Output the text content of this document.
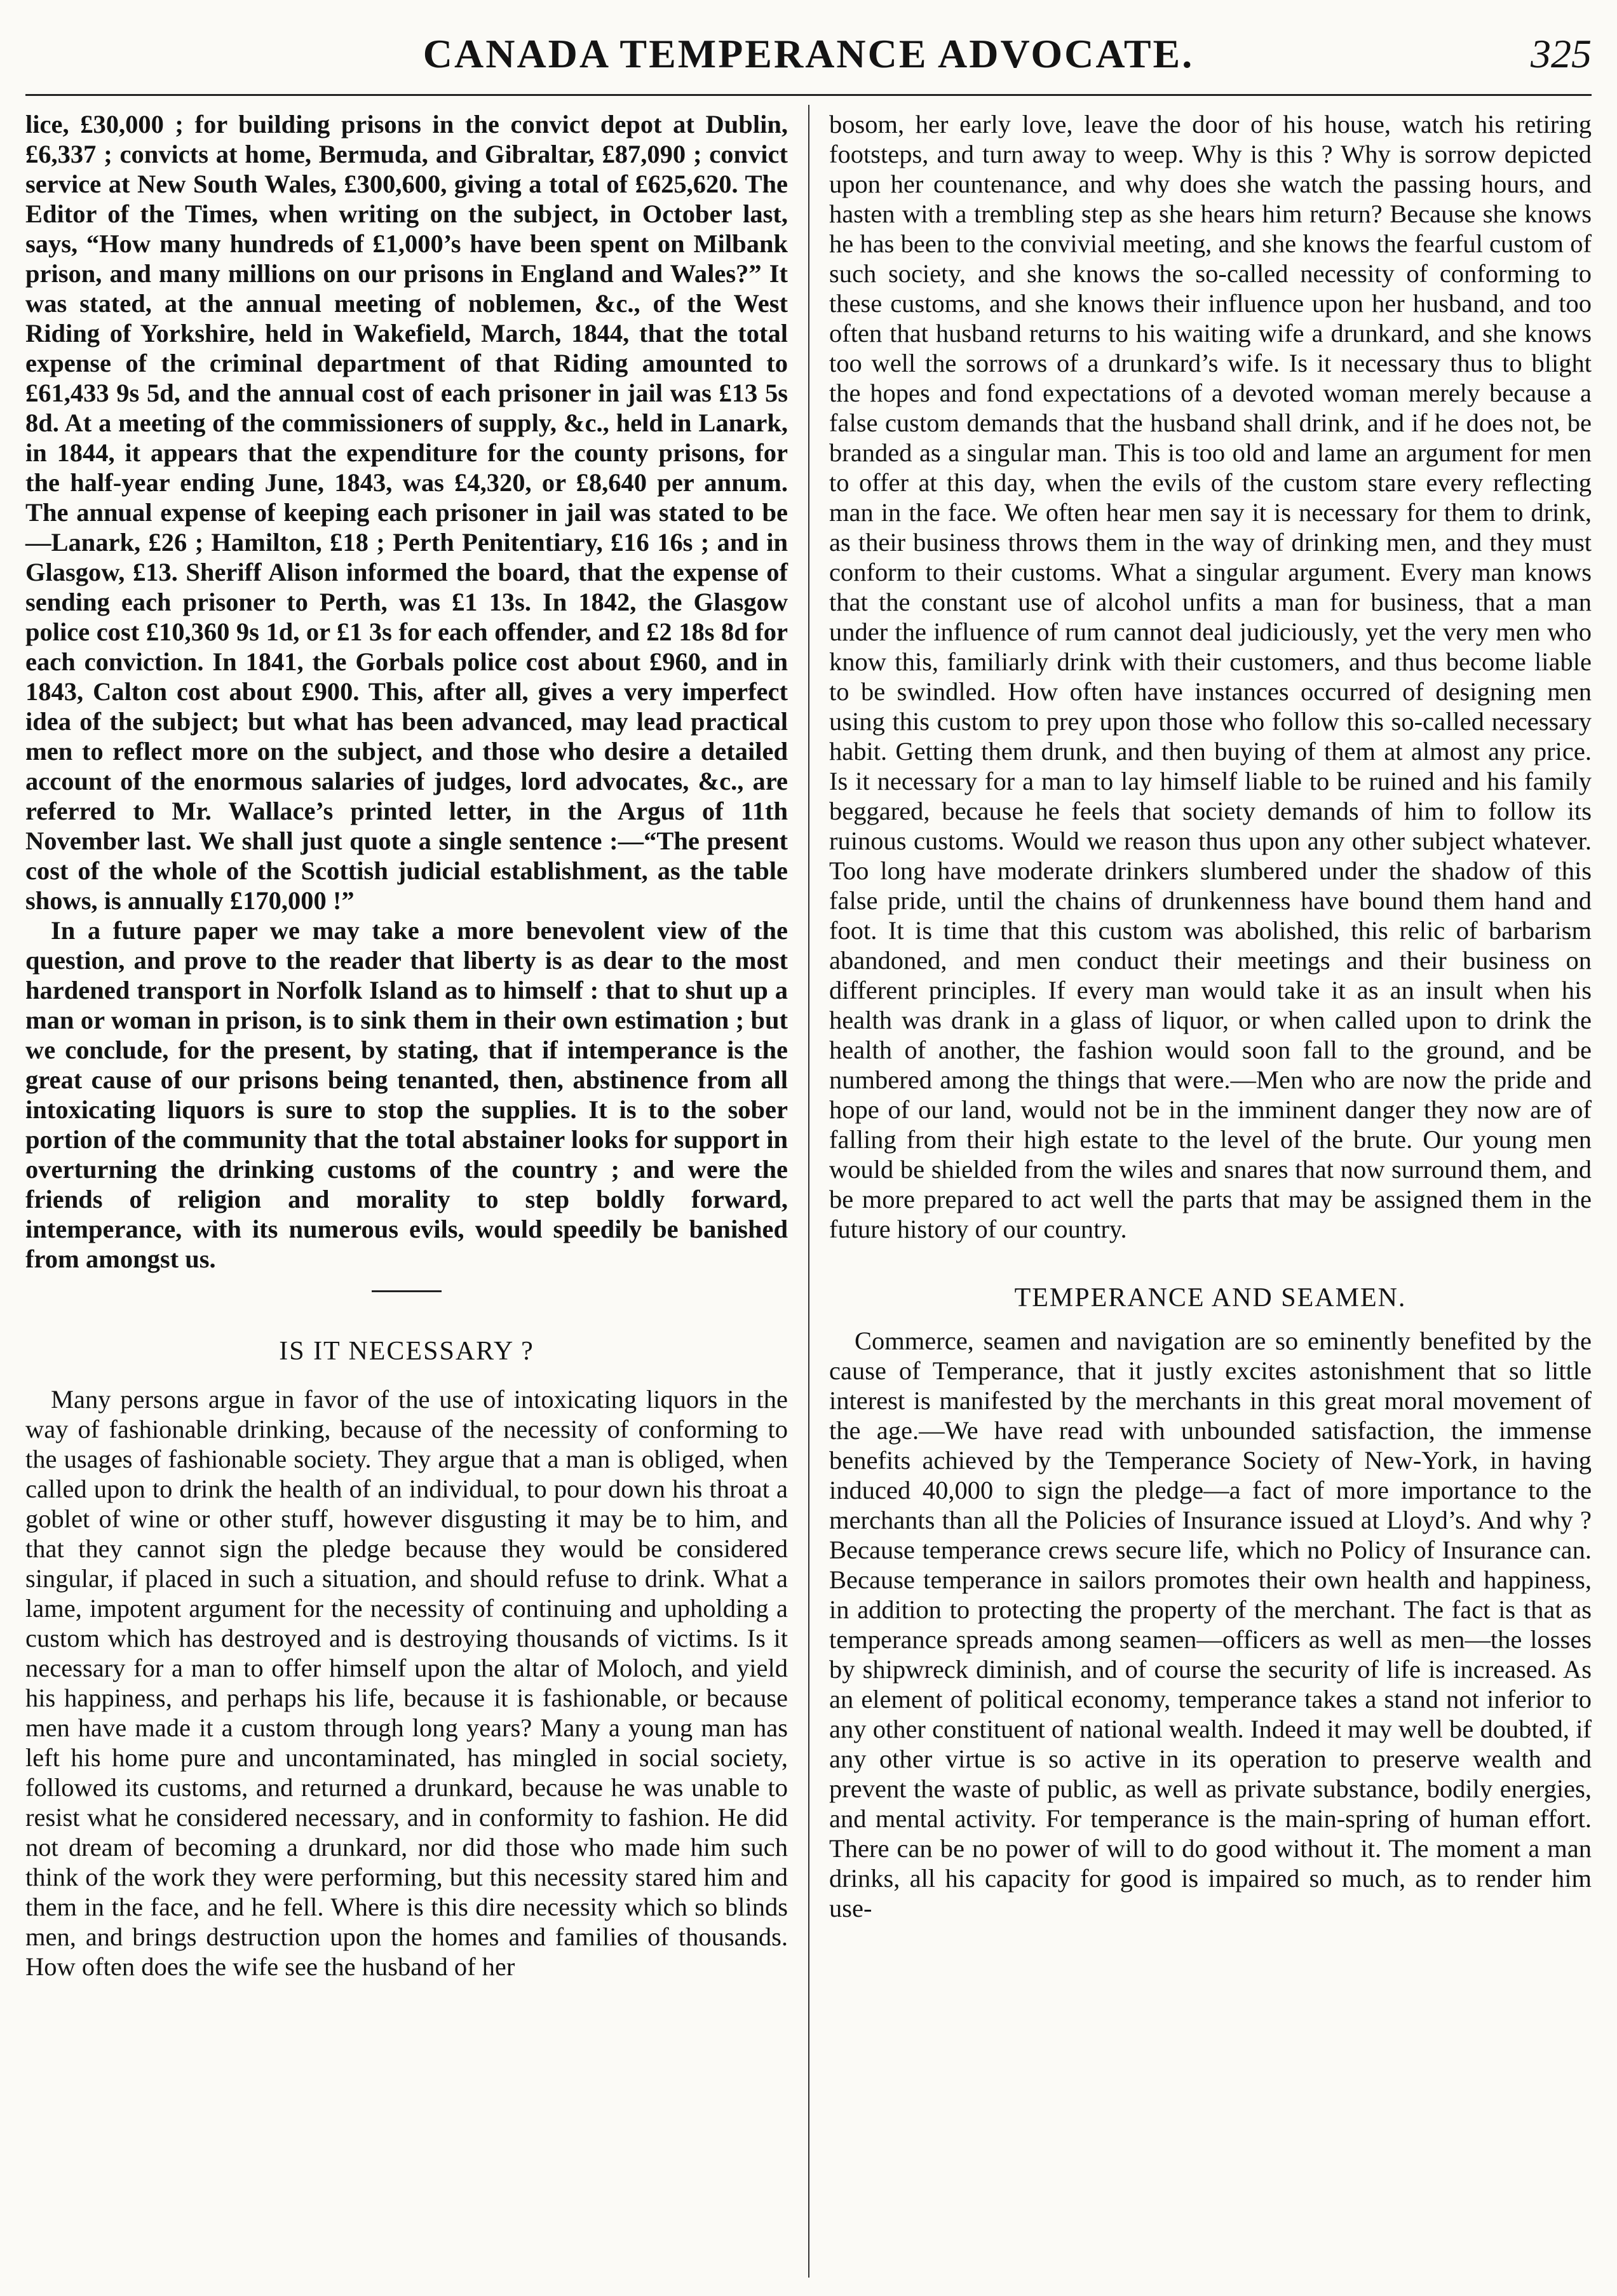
CANADA TEMPERANCE ADVOCATE.	325

lice, £30,000 ; for building prisons in the convict depot at Dublin, £6,337 ; convicts at home, Bermuda, and Gibraltar, £87,090 ; convict service at New South Wales, £300,600, giving a total of £625,620. The Editor of the Times, when writing on the subject, in October last, says, “How many hundreds of £1,000’s have been spent on Milbank prison, and many millions on our prisons in England and Wales?” It was stated, at the annual meeting of noblemen, &c., of the West Riding of Yorkshire, held in Wakefield, March, 1844, that the total expense of the criminal department of that Riding amounted to £61,433 9s 5d, and the annual cost of each prisoner in jail was £13 5s 8d. At a meeting of the commissioners of supply, &c., held in Lanark, in 1844, it appears that the expenditure for the county prisons, for the half-year ending June, 1843, was £4,320, or £8,640 per annum. The annual expense of keeping each prisoner in jail was stated to be—Lanark, £26 ; Hamilton, £18 ; Perth Penitentiary, £16 16s ; and in Glasgow, £13. Sheriff Alison informed the board, that the expense of sending each prisoner to Perth, was £1 13s. In 1842, the Glasgow police cost £10,360 9s 1d, or £1 3s for each offender, and £2 18s 8d for each conviction. In 1841, the Gorbals police cost about £960, and in 1843, Calton cost about £900. This, after all, gives a very imperfect idea of the subject; but what has been advanced, may lead practical men to reflect more on the subject, and those who desire a detailed account of the enormous salaries of judges, lord advocates, &c., are referred to Mr. Wallace’s printed letter, in the Argus of 11th November last. We shall just quote a single sentence :—“The present cost of the whole of the Scottish judicial establishment, as the table shows, is annually £170,000 !”

In a future paper we may take a more benevolent view of the question, and prove to the reader that liberty is as dear to the most hardened transport in Norfolk Island as to himself : that to shut up a man or woman in prison, is to sink them in their own estimation ; but we conclude, for the present, by stating, that if intemperance is the great cause of our prisons being tenanted, then, abstinence from all intoxicating liquors is sure to stop the supplies. It is to the sober portion of the community that the total abstainer looks for support in overturning the drinking customs of the country ; and were the friends of religion and morality to step boldly forward, intemperance, with its numerous evils, would speedily be banished from amongst us.

IS IT NECESSARY ?

Many persons argue in favor of the use of intoxicating liquors in the way of fashionable drinking, because of the necessity of conforming to the usages of fashionable society. They argue that a man is obliged, when called upon to drink the health of an individual, to pour down his throat a goblet of wine or other stuff, however disgusting it may be to him, and that they cannot sign the pledge because they would be considered singular, if placed in such a situation, and should refuse to drink. What a lame, impotent argument for the necessity of continuing and upholding a custom which has destroyed and is destroying thousands of victims. Is it necessary for a man to offer himself upon the altar of Moloch, and yield his happiness, and perhaps his life, because it is fashionable, or because men have made it a custom through long years? Many a young man has left his home pure and uncontaminated, has mingled in social society, followed its customs, and returned a drunkard, because he was unable to resist what he considered necessary, and in conformity to fashion. He did not dream of becoming a drunkard, nor did those who made him such think of the work they were performing, but this necessity stared him and them in the face, and he fell. Where is this dire necessity which so blinds men, and brings destruction upon the homes and families of thousands. How often does the wife see the husband of her

bosom, her early love, leave the door of his house, watch his retiring footsteps, and turn away to weep. Why is this ? Why is sorrow depicted upon her countenance, and why does she watch the passing hours, and hasten with a trembling step as she hears him return? Because she knows he has been to the convivial meeting, and she knows the fearful custom of such society, and she knows the so-called necessity of conforming to these customs, and she knows their influence upon her husband, and too often that husband returns to his waiting wife a drunkard, and she knows too well the sorrows of a drunkard’s wife. Is it necessary thus to blight the hopes and fond expectations of a devoted woman merely because a false custom demands that the husband shall drink, and if he does not, be branded as a singular man. This is too old and lame an argument for men to offer at this day, when the evils of the custom stare every reflecting man in the face. We often hear men say it is necessary for them to drink, as their business throws them in the way of drinking men, and they must conform to their customs. What a singular argument. Every man knows that the constant use of alcohol unfits a man for business, that a man under the influence of rum cannot deal judiciously, yet the very men who know this, familiarly drink with their customers, and thus become liable to be swindled. How often have instances occurred of designing men using this custom to prey upon those who follow this so-called necessary habit. Getting them drunk, and then buying of them at almost any price. Is it necessary for a man to lay himself liable to be ruined and his family beggared, because he feels that society demands of him to follow its ruinous customs. Would we reason thus upon any other subject whatever. Too long have moderate drinkers slumbered under the shadow of this false pride, until the chains of drunkenness have bound them hand and foot. It is time that this custom was abolished, this relic of barbarism abandoned, and men conduct their meetings and their business on different principles. If every man would take it as an insult when his health was drank in a glass of liquor, or when called upon to drink the health of another, the fashion would soon fall to the ground, and be numbered among the things that were.—Men who are now the pride and hope of our land, would not be in the imminent danger they now are of falling from their high estate to the level of the brute. Our young men would be shielded from the wiles and snares that now surround them, and be more prepared to act well the parts that may be assigned them in the future history of our country.

TEMPERANCE AND SEAMEN.

Commerce, seamen and navigation are so eminently benefited by the cause of Temperance, that it justly excites astonishment that so little interest is manifested by the merchants in this great moral movement of the age.—We have read with unbounded satisfaction, the immense benefits achieved by the Temperance Society of New-York, in having induced 40,000 to sign the pledge—a fact of more importance to the merchants than all the Policies of Insurance issued at Lloyd’s. And why ? Because temperance crews secure life, which no Policy of Insurance can. Because temperance in sailors promotes their own health and happiness, in addition to protecting the property of the merchant. The fact is that as temperance spreads among seamen—officers as well as men—the losses by shipwreck diminish, and of course the security of life is increased. As an element of political economy, temperance takes a stand not inferior to any other constituent of national wealth. Indeed it may well be doubted, if any other virtue is so active in its operation to preserve wealth and prevent the waste of public, as well as private substance, bodily energies, and mental activity. For temperance is the main-spring of human effort. There can be no power of will to do good without it. The moment a man drinks, all his capacity for good is impaired so much, as to render him use-
